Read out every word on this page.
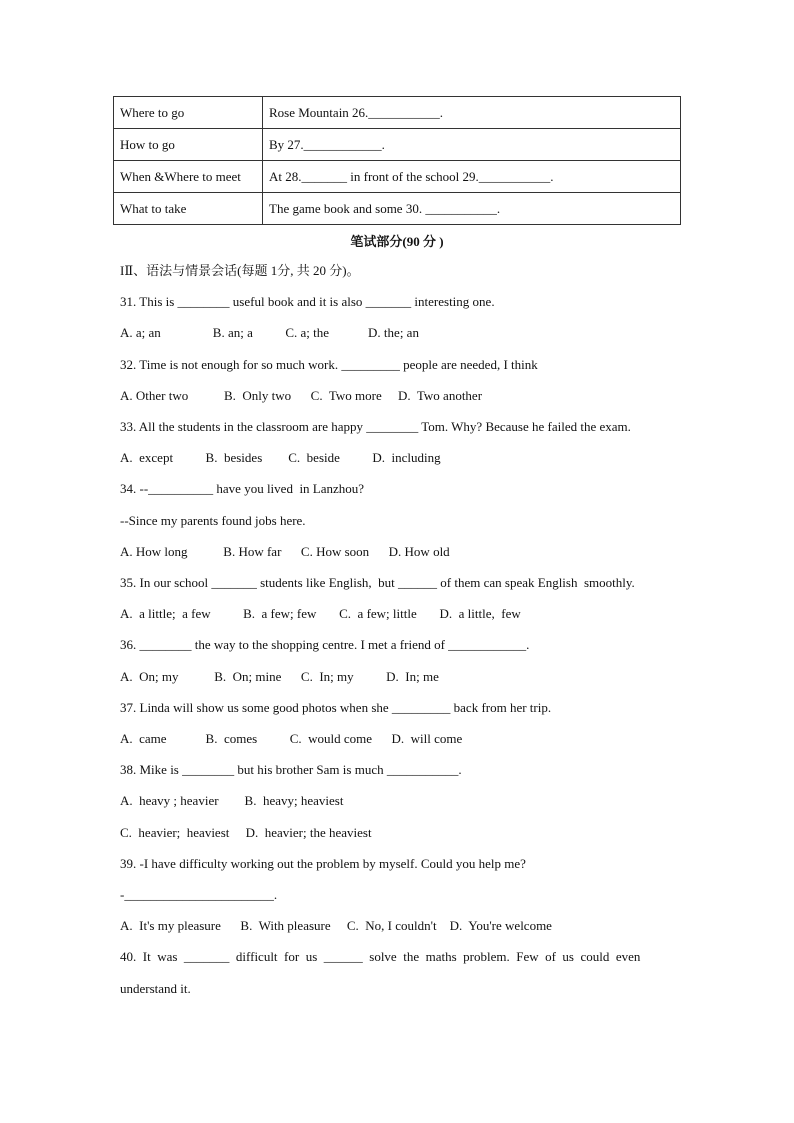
Where to go	Rose Mountain 26.___________.
How to go	By 27.____________.
When &Where to meet	At 28._______ in front of the school 29.___________.
What to take	The game book and some 30. ___________.
笔试部分(90 分 )
IⅡ、语法与情景会话(每题 1分, 共 20 分)。
31. This is ________ useful book and it is also _______ interesting one.
A. a; an                B. an; a          C. a; the            D. the; an
32. Time is not enough for so much work. _________ people are needed, I think
A. Other two           B.  Only two      C.  Two more     D.  Two another
33. All the students in the classroom are happy ________ Tom. Why? Because he failed the exam.
A.  except          B.  besides        C.  beside          D.  including
34. --__________ have you lived  in Lanzhou?
--Since my parents found jobs here.
A. How long           B. How far      C. How soon      D. How old
35. In our school _______ students like English,  but ______ of them can speak English  smoothly.
A.  a little;  a few          B.  a few; few       C.  a few; little       D.  a little,  few
36. ________ the way to the shopping centre. I met a friend of ____________.
A.  On; my           B.  On; mine      C.  In; my          D.  In; me
37. Linda will show us some good photos when she _________ back from her trip.
A.  came            B.  comes          C.  would come      D.  will come
38. Mike is ________ but his brother Sam is much ___________.
A.  heavy ; heavier        B.  heavy; heaviest
C.  heavier;  heaviest     D.  heavier; the heaviest
39. -I have difficulty working out the problem by myself. Could you help me?
-_______________________.
A.  It's my pleasure      B.  With pleasure     C.  No, I couldn't    D.  You're welcome
40.  It  was  _______  difficult  for  us  ______  solve  the  maths  problem.  Few  of  us  could  even
understand it.
